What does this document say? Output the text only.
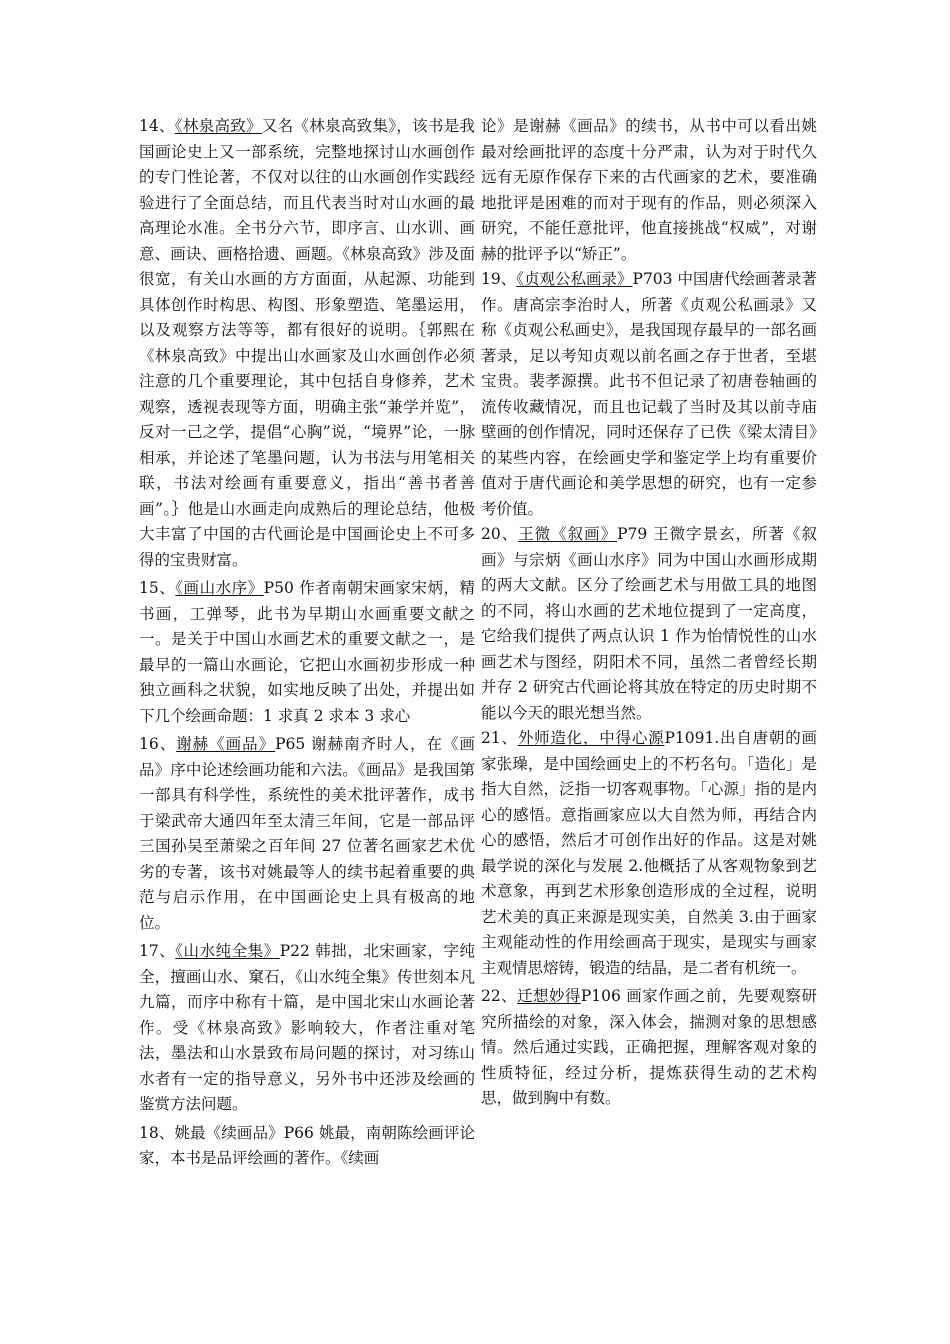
14、《林泉高致》又名《林泉高致集》，该书是我国画论史上又一部系统，完整地探讨山水画创作的专门性论著，不仅对以往的山水画创作实践经验进行了全面总结，而且代表当时对山水画的最高理论水准。全书分六节，即序言、山水训、画意、画诀、画格拾遗、画题。《林泉高致》涉及面很宽，有关山水画的方方面面，从起源、功能到具体创作时构思、构图、形象塑造、笔墨运用，以及观察方法等等，都有很好的说明。｛郭熙在《林泉高致》中提出山水画家及山水画创作必须注意的几个重要理论，其中包括自身修养，艺术观察，透视表现等方面，明确主张“兼学并览”，反对一己之学，提倡“心胸”说，“境界”论，一脉相承，并论述了笔墨问题，认为书法与用笔相关联，书法对绘画有重要意义，指出“善书者善画”。｝他是山水画走向成熟后的理论总结，他极大丰富了中国的古代画论是中国画论史上不可多得的宝贵财富。

15、《画山水序》P50 作者南朝宋画家宋炳，精书画，工弹琴，此书为早期山水画重要文献之一。是关于中国山水画艺术的重要文献之一，是最早的一篇山水画论，它把山水画初步形成一种独立画科之状貌，如实地反映了出处，并提出如下几个绘画命题：1 求真 2 求本 3 求心

16、谢赫《画品》P65 谢赫南齐时人，在《画品》序中论述绘画功能和六法。《画品》是我国第一部具有科学性，系统性的美术批评著作，成书于梁武帝大通四年至太清三年间，它是一部品评三国孙吴至萧梁之百年间 27 位著名画家艺术优劣的专著，该书对姚最等人的续书起着重要的典范与启示作用，在中国画论史上具有极高的地位。

17、《山水纯全集》P22 韩拙，北宋画家，字纯全，擅画山水、窠石，《山水纯全集》传世刻本凡九篇，而序中称有十篇，是中国北宋山水画论著作。受《林泉高致》影响较大，作者注重对笔法，墨法和山水景致布局问题的探讨，对习练山水者有一定的指导意义，另外书中还涉及绘画的鉴赏方法问题。

18、姚最《续画品》P66 姚最，南朝陈绘画评论家，本书是品评绘画的著作。《续画

论》是谢赫《画品》的续书，从书中可以看出姚最对绘画批评的态度十分严肃，认为对于时代久远有无原作保存下来的古代画家的艺术，要准确地批评是困难的而对于现有的作品，则必须深入研究，不能任意批评，他直接挑战“权威”，对谢赫的批评予以“矫正”。

19、《贞观公私画录》P703 中国唐代绘画著录著作。唐高宗李治时人，所著《贞观公私画录》又称《贞观公私画史》，是我国现存最早的一部名画著录，足以考知贞观以前名画之存于世者，至堪宝贵。裴孝源撰。此书不但记录了初唐卷轴画的流传收藏情况，而且也记载了当时及其以前寺庙壁画的创作情况，同时还保存了已佚《梁太清目》的某些内容，在绘画史学和鉴定学上均有重要价值对于唐代画论和美学思想的研究，也有一定参考价值。

20、王微《叙画》P79 王微字景玄，所著《叙画》与宗炳《画山水序》同为中国山水画形成期的两大文献。区分了绘画艺术与用做工具的地图的不同，将山水画的艺术地位提到了一定高度，它给我们提供了两点认识 1 作为怡情悦性的山水画艺术与图经，阴阳术不同，虽然二者曾经长期并存 2 研究古代画论将其放在特定的历史时期不能以今天的眼光想当然。

21、外师造化，中得心源P1091.出自唐朝的画家张璪，是中国绘画史上的不朽名句。「造化」是指大自然，泛指一切客观事物。「心源」指的是内心的感悟。意指画家应以大自然为师，再结合内心的感悟，然后才可创作出好的作品。这是对姚最学说的深化与发展 2.他概括了从客观物象到艺术意象，再到艺术形象创造形成的全过程，说明艺术美的真正来源是现实美，自然美 3.由于画家主观能动性的作用绘画高于现实，是现实与画家主观情思熔铸，锻造的结晶，是二者有机统一。

22、迁想妙得P106 画家作画之前，先要观察研究所描绘的对象，深入体会，揣测对象的思想感情。然后通过实践，正确把握，理解客观对象的性质特征，经过分析，提炼获得生动的艺术构思，做到胸中有数。
